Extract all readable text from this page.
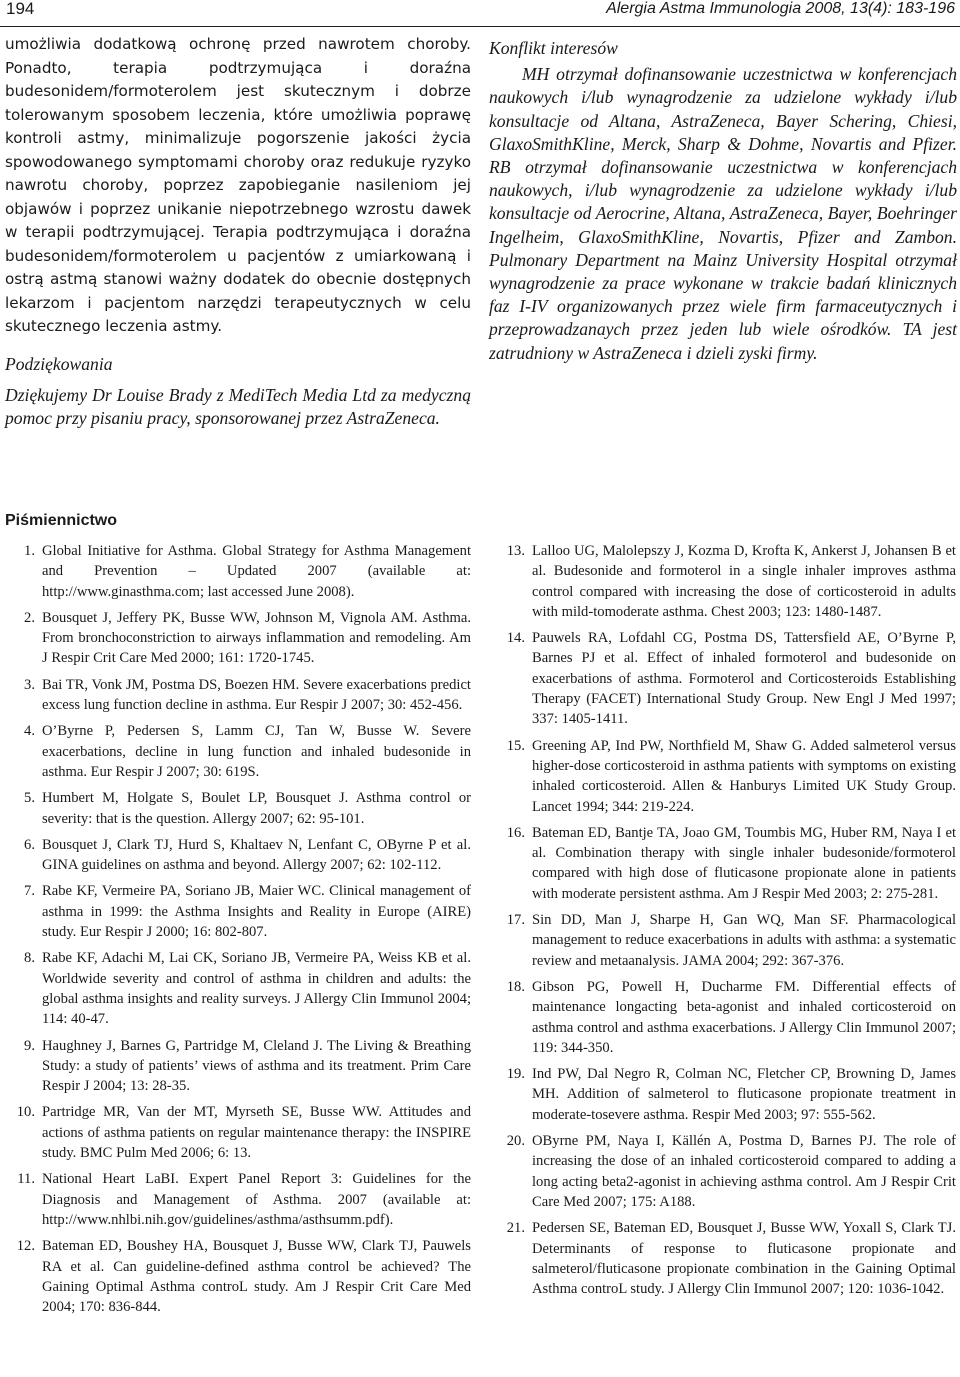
194	Alergia Astma Immunologia 2008, 13(4): 183-196

umożliwia dodatkową ochronę przed nawrotem choroby. Ponadto, terapia podtrzymująca i doraźna budesonidem/formoterolem jest skutecznym i dobrze tolerowanym sposobem leczenia, które umożliwia poprawę kontroli astmy, minimalizuje pogorszenie jakości życia spowodowanego symptomami choroby oraz redukuje ryzyko nawrotu choroby, poprzez zapobieganie nasileniom jej objawów i poprzez unikanie niepotrzebnego wzrostu dawek w terapii podtrzymującej. Terapia podtrzymująca i doraźna budesonidem/formoterolem u pacjentów z umiarkowaną i ostrą astmą stanowi ważny dodatek do obecnie dostępnych lekarzom i pacjentom narzędzi terapeutycznych w celu skutecznego leczenia astmy.

Podziękowania

Dziękujemy Dr Louise Brady z MediTech Media Ltd za medyczną pomoc przy pisaniu pracy, sponsorowanej przez AstraZeneca.

Konflikt interesów

MH otrzymał dofinansowanie uczestnictwa w konferencjach naukowych i/lub wynagrodzenie za udzielone wykłady i/lub konsultacje od Altana, AstraZeneca, Bayer Schering, Chiesi, GlaxoSmithKline, Merck, Sharp & Dohme, Novartis and Pfizer. RB otrzymał dofinansowanie uczestnictwa w konferencjach naukowych, i/lub wynagrodzenie za udzielone wykłady i/lub konsultacje od Aerocrine, Altana, AstraZeneca, Bayer, Boehringer Ingelheim, GlaxoSmithKline, Novartis, Pfizer and Zambon. Pulmonary Department na Mainz University Hospital otrzymał wynagrodzenie za prace wykonane w trakcie badań klinicznych faz I-IV organizowanych przez wiele firm farmaceutycznych i przeprowadzanaych przez jeden lub wiele ośrodków. TA jest zatrudniony w AstraZeneca i dzieli zyski firmy.

Piśmiennictwo

1. Global Initiative for Asthma. Global Strategy for Asthma Management and Prevention – Updated 2007 (available at: http://www.ginasthma.com; last accessed June 2008).

2. Bousquet J, Jeffery PK, Busse WW, Johnson M, Vignola AM. Asthma. From bronchoconstriction to airways inflammation and remodeling. Am J Respir Crit Care Med 2000; 161: 1720-1745.

3. Bai TR, Vonk JM, Postma DS, Boezen HM. Severe exacerbations predict excess lung function decline in asthma. Eur Respir J 2007; 30: 452-456.

4. O’Byrne P, Pedersen S, Lamm CJ, Tan W, Busse W. Severe exacerbations, decline in lung function and inhaled budesonide in asthma. Eur Respir J 2007; 30: 619S.

5. Humbert M, Holgate S, Boulet LP, Bousquet J. Asthma control or severity: that is the question. Allergy 2007; 62: 95-101.

6. Bousquet J, Clark TJ, Hurd S, Khaltaev N, Lenfant C, OByrne P et al. GINA guidelines on asthma and beyond. Allergy 2007; 62: 102-112.

7. Rabe KF, Vermeire PA, Soriano JB, Maier WC. Clinical management of asthma in 1999: the Asthma Insights and Reality in Europe (AIRE) study. Eur Respir J 2000; 16: 802-807.

8. Rabe KF, Adachi M, Lai CK, Soriano JB, Vermeire PA, Weiss KB et al. Worldwide severity and control of asthma in children and adults: the global asthma insights and reality surveys. J Allergy Clin Immunol 2004; 114: 40-47.

9. Haughney J, Barnes G, Partridge M, Cleland J. The Living & Breathing Study: a study of patients’ views of asthma and its treatment. Prim Care Respir J 2004; 13: 28-35.

10. Partridge MR, Van der MT, Myrseth SE, Busse WW. Attitudes and actions of asthma patients on regular maintenance therapy: the INSPIRE study. BMC Pulm Med 2006; 6: 13.

11. National Heart LaBI. Expert Panel Report 3: Guidelines for the Diagnosis and Management of Asthma. 2007 (available at: http://www.nhlbi.nih.gov/guidelines/asthma/asthsumm.pdf).

12. Bateman ED, Boushey HA, Bousquet J, Busse WW, Clark TJ, Pauwels RA et al. Can guideline-defined asthma control be achieved? The Gaining Optimal Asthma controL study. Am J Respir Crit Care Med 2004; 170: 836-844.

13. Lalloo UG, Malolepszy J, Kozma D, Krofta K, Ankerst J, Johansen B et al. Budesonide and formoterol in a single inhaler improves asthma control compared with increasing the dose of corticosteroid in adults with mild-tomoderate asthma. Chest 2003; 123: 1480-1487.

14. Pauwels RA, Lofdahl CG, Postma DS, Tattersfield AE, O’Byrne P, Barnes PJ et al. Effect of inhaled formoterol and budesonide on exacerbations of asthma. Formoterol and Corticosteroids Establishing Therapy (FACET) International Study Group. New Engl J Med 1997; 337: 1405-1411.

15. Greening AP, Ind PW, Northfield M, Shaw G. Added salmeterol versus higher-dose corticosteroid in asthma patients with symptoms on existing inhaled corticosteroid. Allen & Hanburys Limited UK Study Group. Lancet 1994; 344: 219-224.

16. Bateman ED, Bantje TA, Joao GM, Toumbis MG, Huber RM, Naya I et al. Combination therapy with single inhaler budesonide/formoterol compared with high dose of fluticasone propionate alone in patients with moderate persistent asthma. Am J Respir Med 2003; 2: 275-281.

17. Sin DD, Man J, Sharpe H, Gan WQ, Man SF. Pharmacological management to reduce exacerbations in adults with asthma: a systematic review and metaanalysis. JAMA 2004; 292: 367-376.

18. Gibson PG, Powell H, Ducharme FM. Differential effects of maintenance longacting beta-agonist and inhaled corticosteroid on asthma control and asthma exacerbations. J Allergy Clin Immunol 2007; 119: 344-350.

19. Ind PW, Dal Negro R, Colman NC, Fletcher CP, Browning D, James MH. Addition of salmeterol to fluticasone propionate treatment in moderate-tosevere asthma. Respir Med 2003; 97: 555-562.

20. OByrne PM, Naya I, Källén A, Postma D, Barnes PJ. The role of increasing the dose of an inhaled corticosteroid compared to adding a long acting beta2-agonist in achieving asthma control. Am J Respir Crit Care Med 2007; 175: A188.

21. Pedersen SE, Bateman ED, Bousquet J, Busse WW, Yoxall S, Clark TJ. Determinants of response to fluticasone propionate and salmeterol/fluticasone propionate combination in the Gaining Optimal Asthma controL study. J Allergy Clin Immunol 2007; 120: 1036-1042.
